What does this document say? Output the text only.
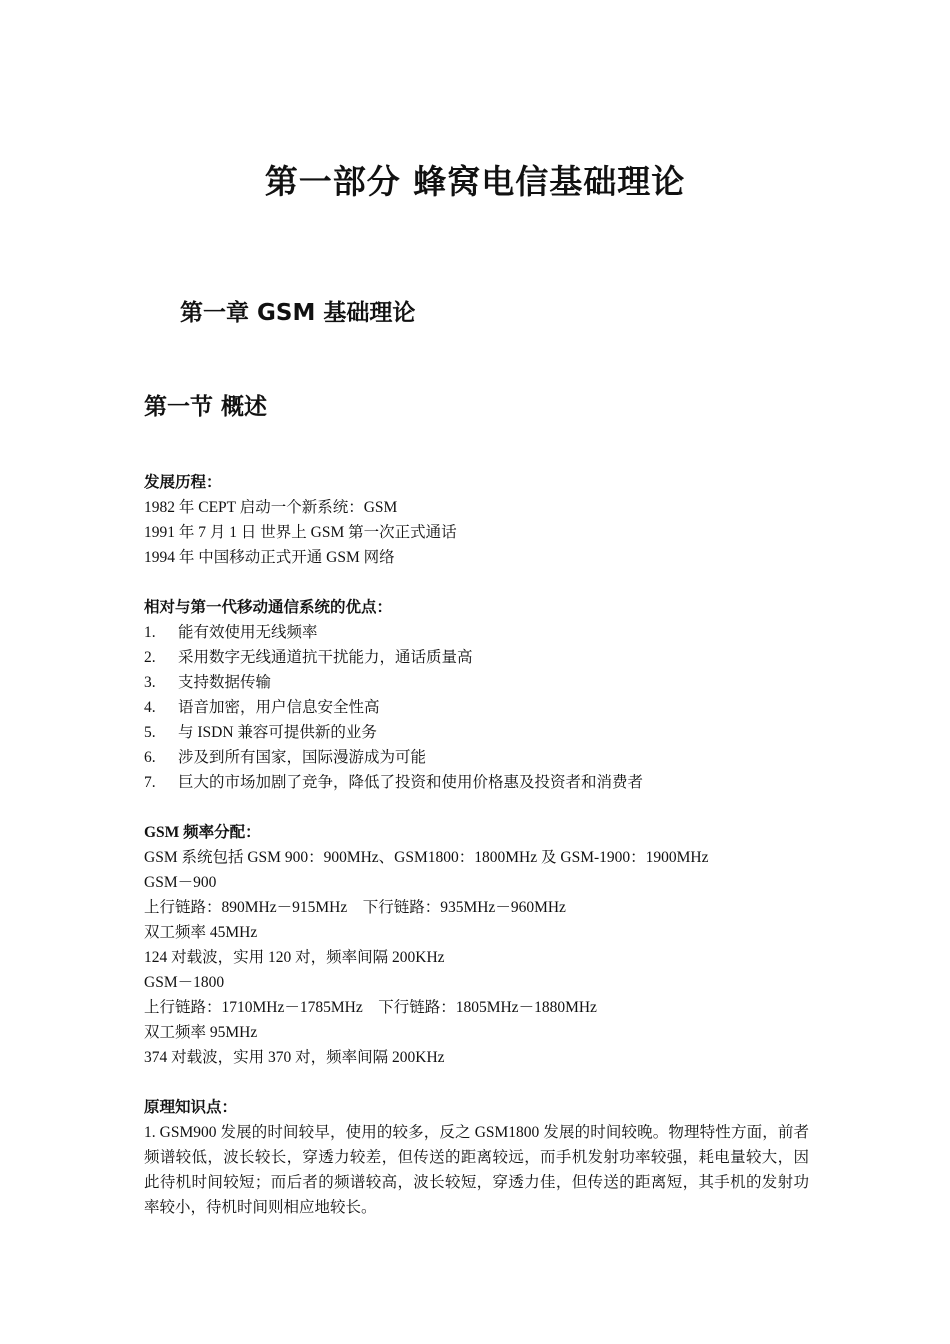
第一部分 蜂窝电信基础理论
第一章 GSM 基础理论
第一节 概述
发展历程：
1982 年 CEPT 启动一个新系统：GSM
1991 年 7 月 1 日 世界上 GSM 第一次正式通话
1994 年 中国移动正式开通 GSM 网络
相对与第一代移动通信系统的优点：
1. 能有效使用无线频率
2. 采用数字无线通道抗干扰能力，通话质量高
3. 支持数据传输
4. 语音加密，用户信息安全性高
5. 与 ISDN 兼容可提供新的业务
6. 涉及到所有国家，国际漫游成为可能
7. 巨大的市场加剧了竞争，降低了投资和使用价格惠及投资者和消费者
GSM 频率分配：
GSM 系统包括 GSM 900：900MHz、GSM1800：1800MHz 及 GSM-1900：1900MHz
GSM－900
上行链路：890MHz－915MHz    下行链路：935MHz－960MHz
双工频率 45MHz
124 对载波，实用 120 对，频率间隔 200KHz
GSM－1800
上行链路：1710MHz－1785MHz    下行链路：1805MHz－1880MHz
双工频率 95MHz
374 对载波，实用 370 对，频率间隔 200KHz
原理知识点：
1. GSM900 发展的时间较早，使用的较多，反之 GSM1800 发展的时间较晚。物理特性方面，前者频谱较低，波长较长，穿透力较差，但传送的距离较远，而手机发射功率较强，耗电量较大，因此待机时间较短；而后者的频谱较高，波长较短，穿透力佳，但传送的距离短，其手机的发射功率较小，待机时间则相应地较长。
